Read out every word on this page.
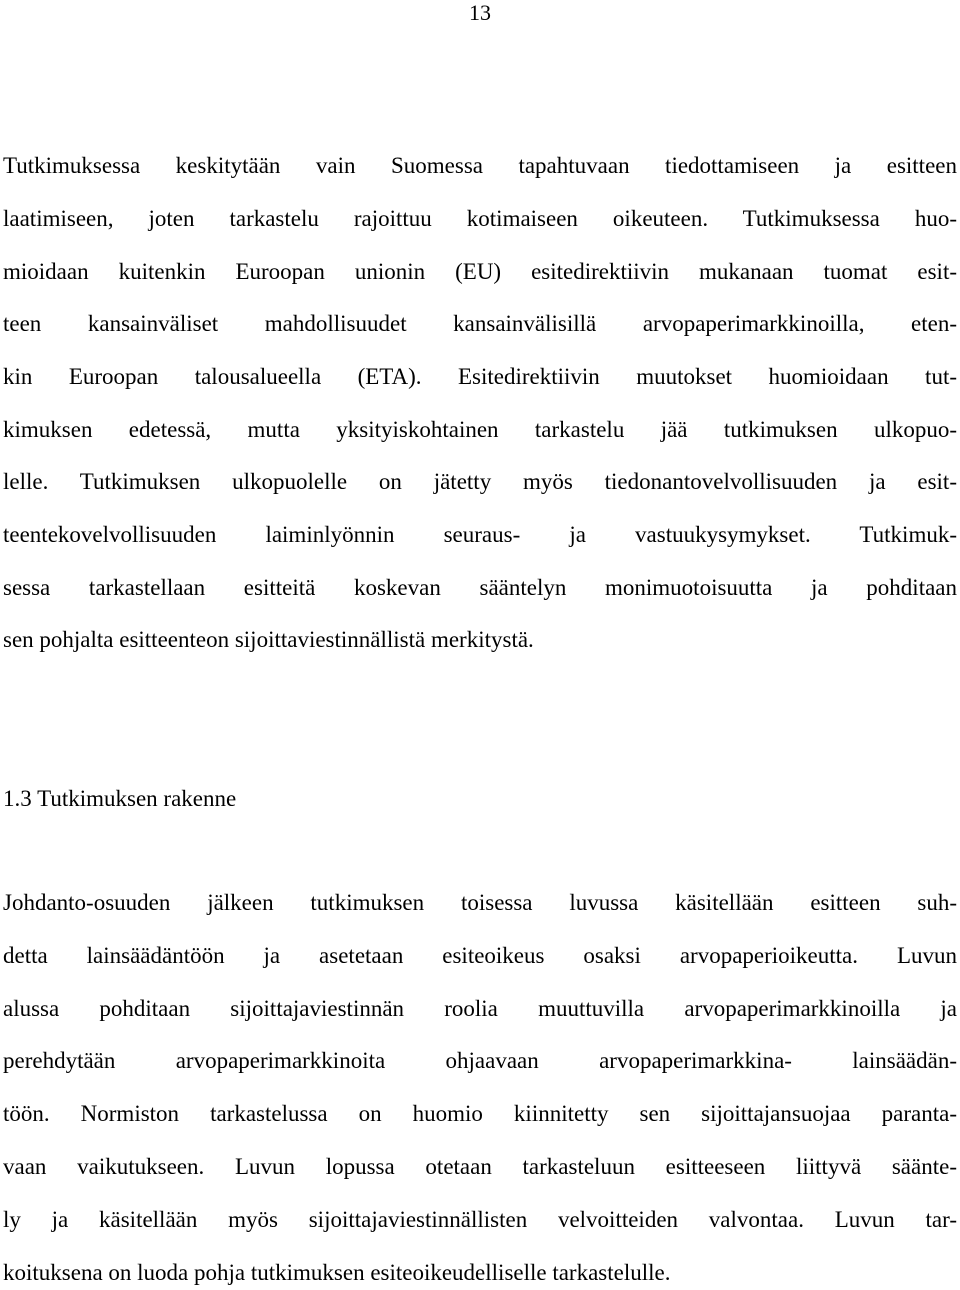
13
Tutkimuksessa keskitytään vain Suomessa tapahtuvaan tiedottamiseen ja esitteen
laatimiseen, joten tarkastelu rajoittuu kotimaiseen oikeuteen. Tutkimuksessa huo-
mioidaan kuitenkin Euroopan unionin (EU) esitedirektiivin mukanaan tuomat esit-
teen kansainväliset mahdollisuudet kansainvälisillä arvopaperimarkkinoilla, eten-
kin Euroopan talousalueella (ETA). Esitedirektiivin muutokset huomioidaan tut-
kimuksen edetessä, mutta yksityiskohtainen tarkastelu jää tutkimuksen ulkopuo-
lelle. Tutkimuksen ulkopuolelle on jätetty myös tiedonantovelvollisuuden ja esit-
teentekovelvollisuuden laiminlyönnin seuraus- ja vastuukysymykset. Tutkimuk-
sessa tarkastellaan esitteitä koskevan sääntelyn monimuotoisuutta ja pohditaan
sen pohjalta esitteenteon sijoittaviestinnällistä merkitystä.
1.3 Tutkimuksen rakenne
Johdanto-osuuden jälkeen tutkimuksen toisessa luvussa käsitellään esitteen suh-
detta lainsäädäntöön ja asetetaan esiteoikeus osaksi arvopaperioikeutta. Luvun
alussa pohditaan sijoittajaviestinnän roolia muuttuvilla arvopaperimarkkinoilla ja
perehdytään arvopaperimarkkinoita ohjaavaan arvopaperimarkkina- lainsäädän-
töön. Normiston tarkastelussa on huomio kiinnitetty sen sijoittajansuojaa paranta-
vaan vaikutukseen. Luvun lopussa otetaan tarkasteluun esitteeseen liittyvä säänte-
ly ja käsitellään myös sijoittajaviestinnällisten velvoitteiden valvontaa. Luvun tar-
koituksena on luoda pohja tutkimuksen esiteoikeudelliselle tarkastelulle.
